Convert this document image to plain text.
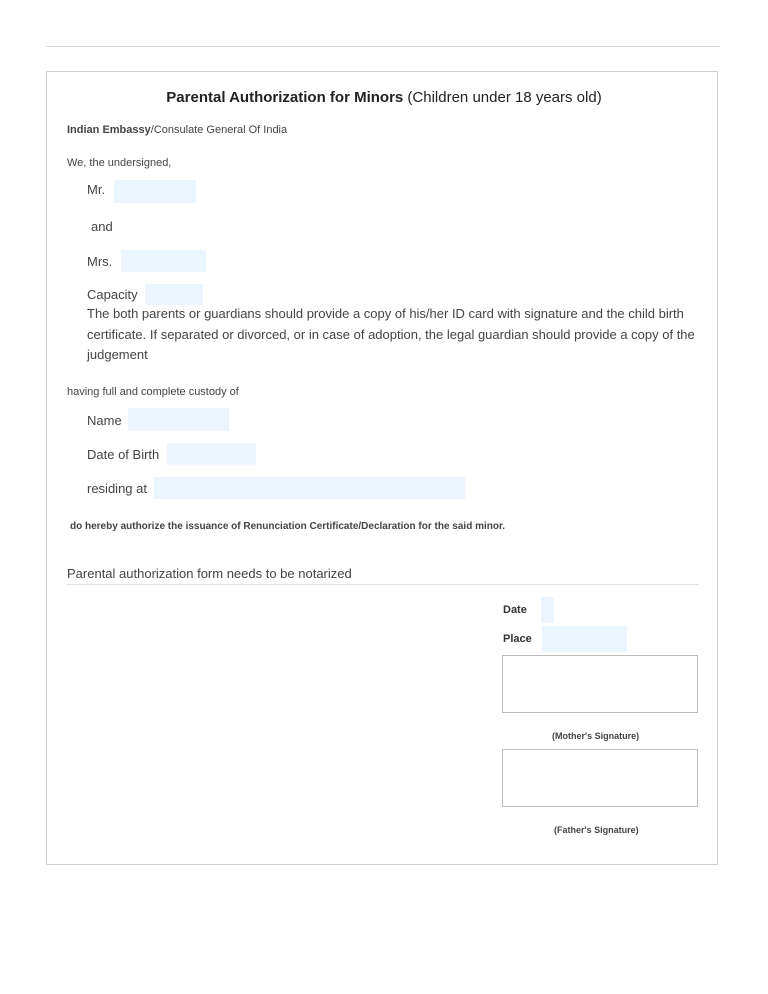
Parental Authorization for Minors (Children under 18 years old)
Indian Embassy/Consulate General Of India
We, the undersigned,
Mr.
and
Mrs.
Capacity
The both parents or guardians should provide a copy of his/her ID card with signature and the child birth certificate. If separated or divorced, or in case of adoption, the legal guardian should provide a copy of the judgement
having full and complete custody of
Name
Date of Birth
residing at
do hereby authorize the issuance of Renunciation Certificate/Declaration for the said minor.
Parental authorization form needs to be notarized
Date
Place
(Mother's Signature)
(Father's Signature)
